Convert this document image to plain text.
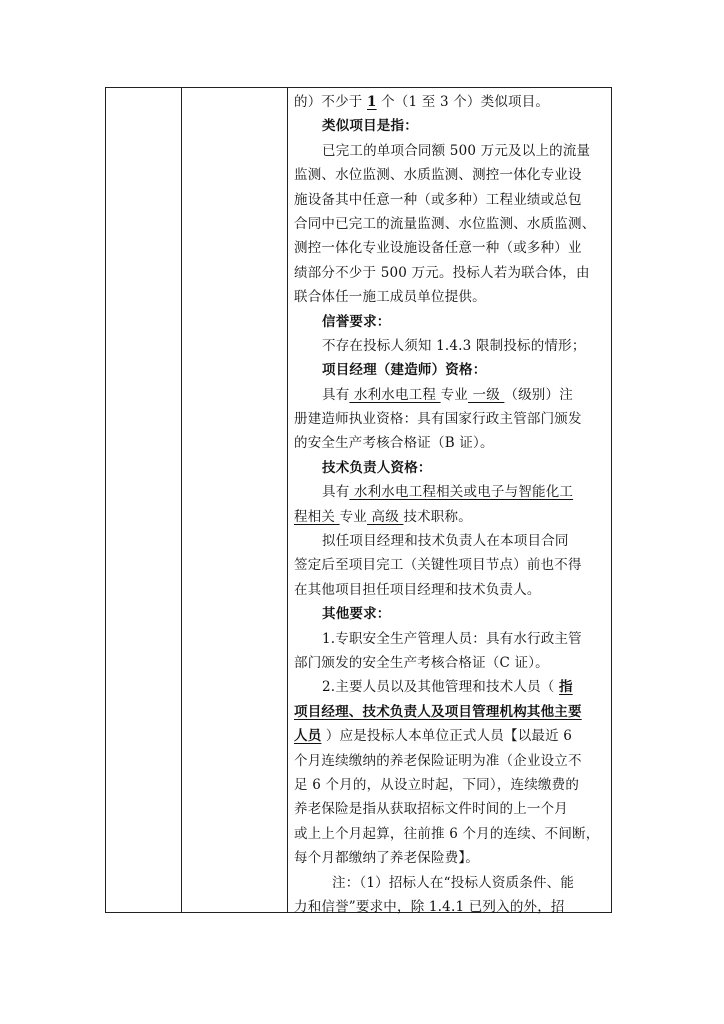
的）不少于 1 个（1 至 3 个）类似项目。
类似项目是指：
已完工的单项合同额 500 万元及以上的流量
监测、水位监测、水质监测、测控一体化专业设
施设备其中任意一种（或多种）工程业绩或总包
合同中已完工的流量监测、水位监测、水质监测、
测控一体化专业设施设备任意一种（或多种）业
绩部分不少于 500 万元。投标人若为联合体，由
联合体任一施工成员单位提供。
信誉要求：
不存在投标人须知 1.4.3 限制投标的情形；
项目经理（建造师）资格：
具有 水利水电工程 专业 一级 （级别）注
册建造师执业资格：具有国家行政主管部门颁发
的安全生产考核合格证（B 证）。
技术负责人资格：
具有 水利水电工程相关或电子与智能化工
程相关 专业 高级 技术职称。
拟任项目经理和技术负责人在本项目合同
签定后至项目完工（关键性项目节点）前也不得
在其他项目担任项目经理和技术负责人。
其他要求：
1.专职安全生产管理人员：具有水行政主管
部门颁发的安全生产考核合格证（C 证）。
2.主要人员以及其他管理和技术人员（ 指
项目经理、技术负责人及项目管理机构其他主要
人员 ）应是投标人本单位正式人员【以最近 6
个月连续缴纳的养老保险证明为准（企业设立不
足 6 个月的，从设立时起，下同），连续缴费的
养老保险是指从获取招标文件时间的上一个月
或上上个月起算，往前推 6 个月的连续、不间断，
每个月都缴纳了养老保险费】。
注：（1）招标人在“投标人资质条件、能
力和信誉”要求中，除 1.4.1 已列入的外，招
